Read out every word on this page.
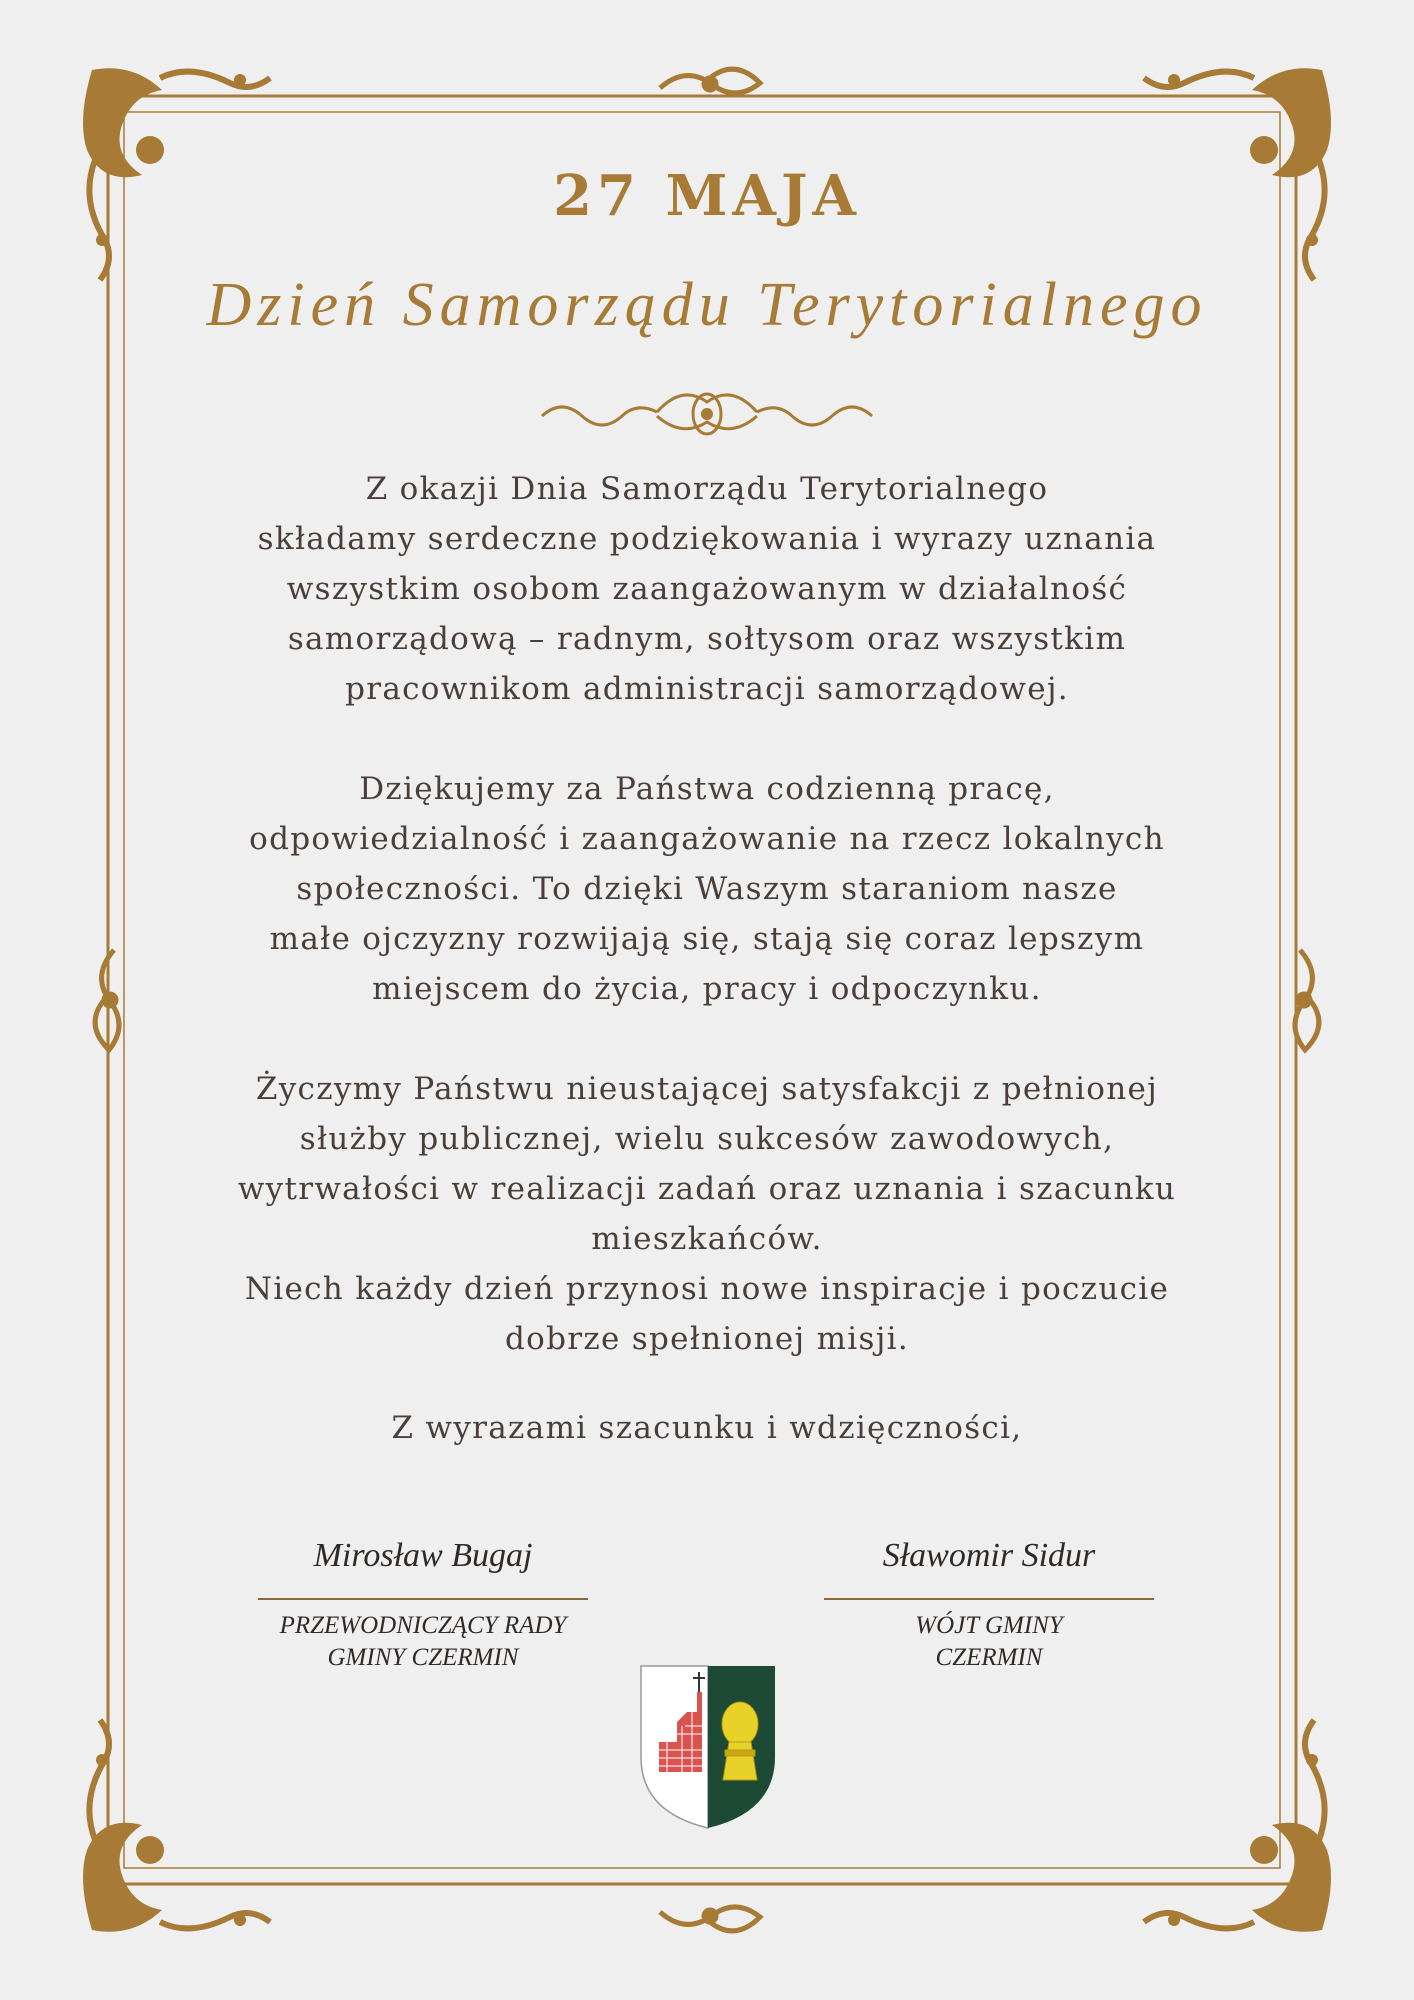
27 MAJA
Dzień Samorządu Terytorialnego

Z okazji Dnia Samorządu Terytorialnego

składamy serdeczne podziękowania i wyrazy uznania

wszystkim osobom zaangażowanym w działalność

samorządową – radnym, sołtysom oraz wszystkim

pracownikom administracji samorządowej.

Dziękujemy za Państwa codzienną pracę,

odpowiedzialność i zaangażowanie na rzecz lokalnych

społeczności. To dzięki Waszym staraniom nasze

małe ojczyzny rozwijają się, stają się coraz lepszym

miejscem do życia, pracy i odpoczynku.

Życzymy Państwu nieustającej satysfakcji z pełnionej

służby publicznej, wielu sukcesów zawodowych,

wytrwałości w realizacji zadań oraz uznania i szacunku

mieszkańców.

Niech każdy dzień przynosi nowe inspiracje i poczucie

dobrze spełnionej misji.

Z wyrazami szacunku i wdzięczności,
Mirosław Bugaj
PRZEWODNICZĄCY RADY
GMINY CZERMIN
Sławomir Sidur
WÓJT GMINY
CZERMIN
